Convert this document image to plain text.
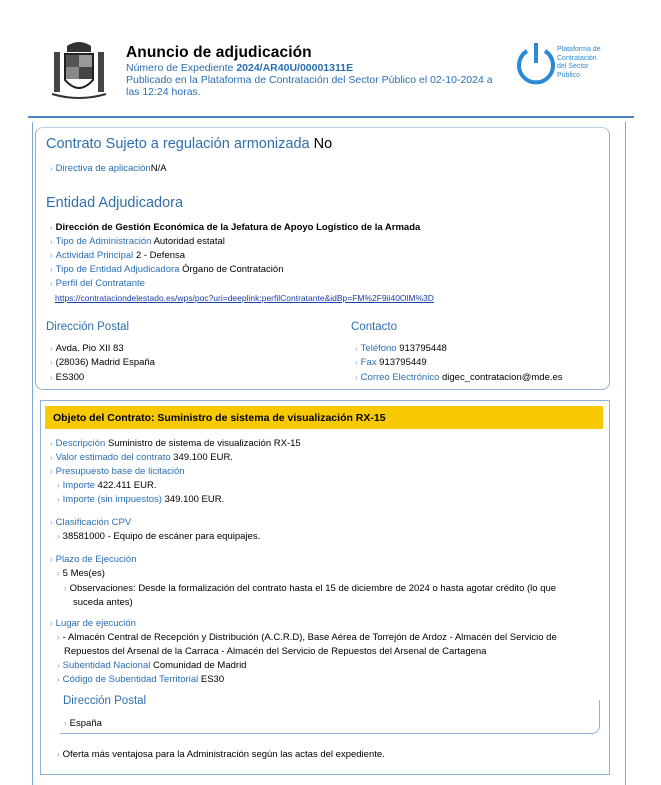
Anuncio de adjudicación
Número de Expediente 2024/AR40U/00001311E
Publicado en la Plataforma de Contratación del Sector Público el 02-10-2024 a
las 12:24 horas.
Plataforma de
Contratación
del Sector
Público
Contrato Sujeto a regulación armonizada No
› Directiva de aplicaciónN/A
Entidad Adjudicadora
› Dirección de Gestión Económica de la Jefatura de Apoyo Logístico de la Armada
› Tipo de Administración Autoridad estatal
› Actividad Principal 2 - Defensa
› Tipo de Entidad Adjudicadora Órgano de Contratación
› Perfil del Contratante
https://contrataciondelestado.es/wps/poc?uri=deeplink:perfilContratante&idBp=FM%2F9ii40OlM%3D
Dirección Postal
› Avda. Pio XII 83
› (28036) Madrid España
› ES300
Contacto
› Teléfono 913795448
› Fax 913795449
› Correo Electrónico digec_contratacion@mde.es
Objeto del Contrato: Suministro de sistema de visualización RX-15
› Descripción Suministro de sistema de visualización RX-15
› Valor estimado del contrato 349.100 EUR.
› Presupuesto base de licitación
› Importe 422.411 EUR.
› Importe (sin impuestos) 349.100 EUR.
› Clasificación CPV
› 38581000 - Equipo de escáner para equipajes.
› Plazo de Ejecución
› 5 Mes(es)
› Observaciones: Desde la formalización del contrato hasta el 15 de diciembre de 2024 o hasta agotar crédito (lo que
suceda antes)
› Lugar de ejecución
› - Almacén Central de Recepción y Distribución (A.C.R.D), Base Aérea de Torrejón de Ardoz - Almacén del Servicio de
Repuestos del Arsenal de la Carraca - Almacén del Servicio de Repuestos del Arsenal de Cartagena
› Subentidad Nacional Comunidad de Madrid
› Código de Subentidad Territorial ES30
Dirección Postal
› España
› Oferta más ventajosa para la Administración según las actas del expediente.
